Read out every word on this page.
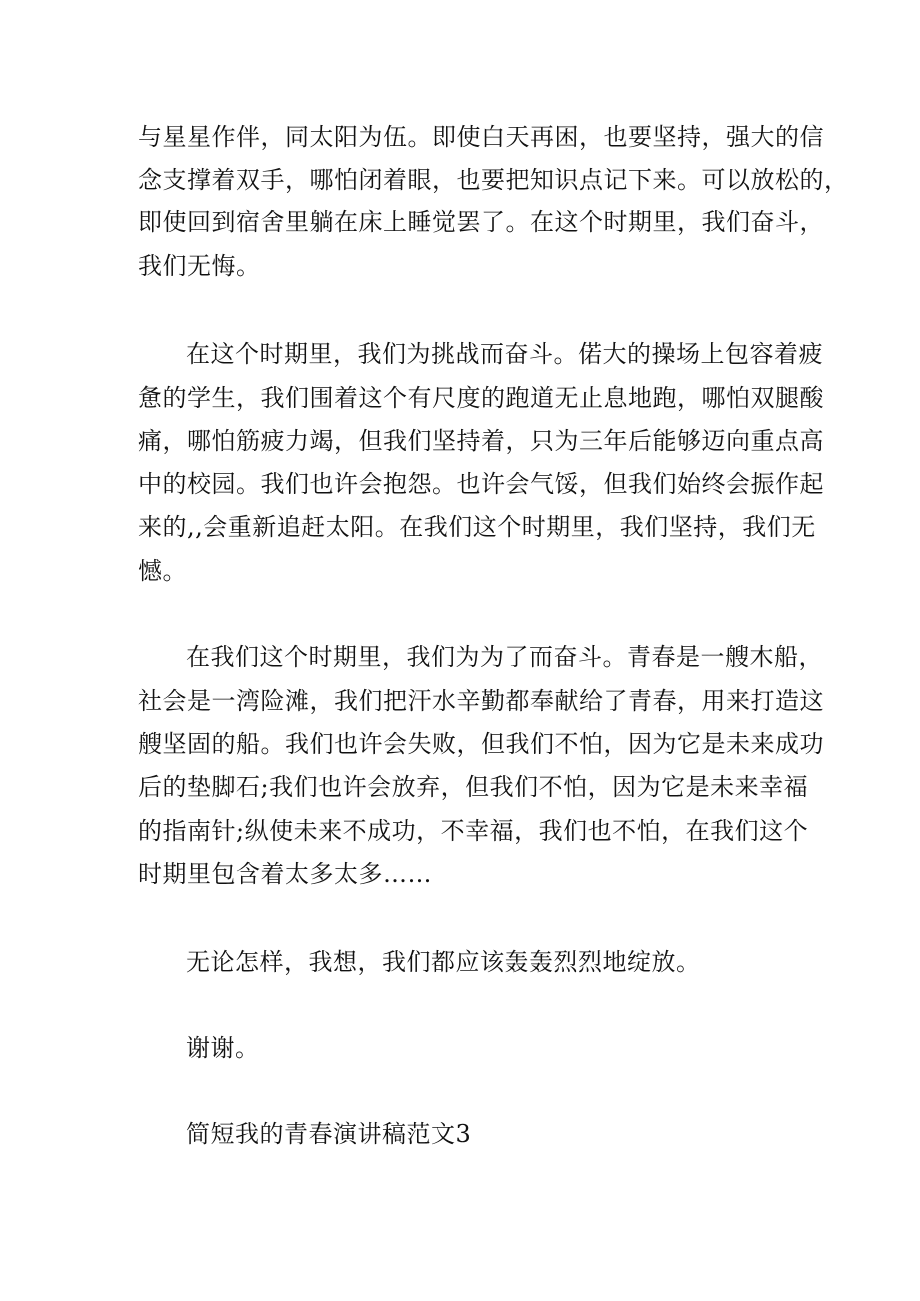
与星星作伴，同太阳为伍。即使白天再困，也要坚持，强大的信
念支撑着双手，哪怕闭着眼，也要把知识点记下来。可以放松的，
即使回到宿舍里躺在床上睡觉罢了。在这个时期里，我们奋斗，
我们无悔。
在这个时期里，我们为挑战而奋斗。偌大的操场上包容着疲
惫的学生，我们围着这个有尺度的跑道无止息地跑，哪怕双腿酸
痛，哪怕筋疲力竭，但我们坚持着，只为三年后能够迈向重点高
中的校园。我们也许会抱怨。也许会气馁，但我们始终会振作起
来的,,会重新追赶太阳。在我们这个时期里，我们坚持，我们无
憾。
在我们这个时期里，我们为为了而奋斗。青春是一艘木船，
社会是一湾险滩，我们把汗水辛勤都奉献给了青春，用来打造这
艘坚固的船。我们也许会失败，但我们不怕，因为它是未来成功
后的垫脚石;我们也许会放弃，但我们不怕，因为它是未来幸福
的指南针;纵使未来不成功，不幸福，我们也不怕，在我们这个
时期里包含着太多太多……
无论怎样，我想，我们都应该轰轰烈烈地绽放。
谢谢。
简短我的青春演讲稿范文3
